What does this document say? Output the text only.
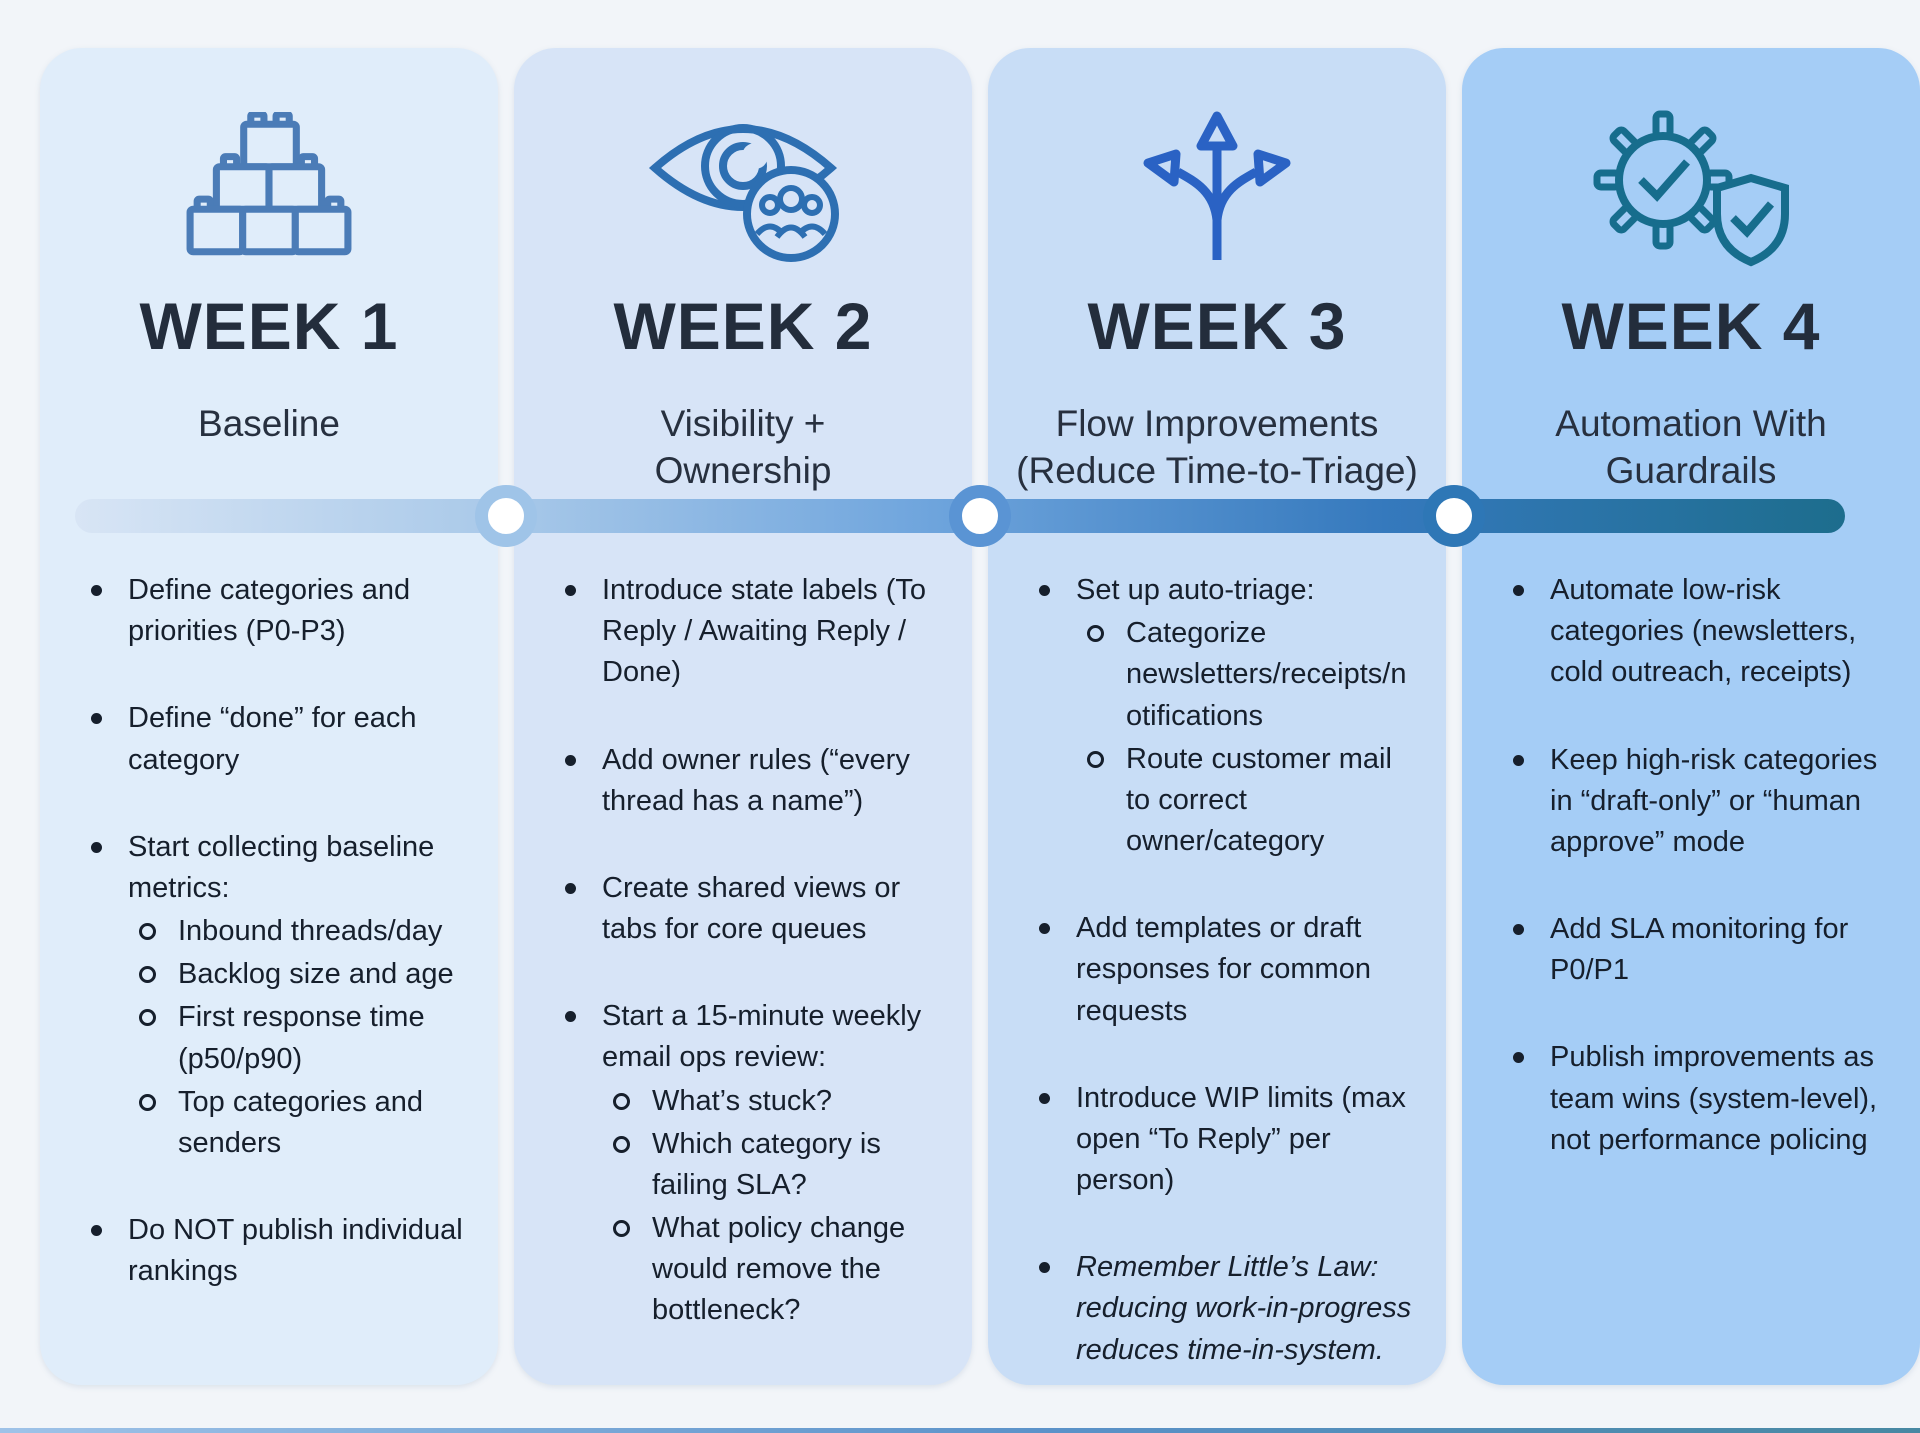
WEEK 1

Baseline

Define categories and priorities (P0-P3)
Define “done” for each category
Start collecting baseline metrics:
Inbound threads/day
Backlog size and age
First response time (p50/p90)
Top categories and senders
Do NOT publish individual rankings
WEEK 2

Visibility +
Ownership

Introduce state labels (To Reply / Awaiting Reply / Done)
Add owner rules (“every thread has a name”)
Create shared views or tabs for core queues
Start a 15-minute weekly email ops review:
What’s stuck?
Which category is failing SLA?
What policy change would remove the bottleneck?
WEEK 3

Flow Improvements
(Reduce Time-to-Triage)

Set up auto-triage:
Categorize newsletters/receipts/notifications
Route customer mail to correct owner/category
Add templates or draft responses for common requests
Introduce WIP limits (max open “To Reply” per person)
Remember Little’s Law: reducing work-in-progress reduces time-in-system.
WEEK 4

Automation With
Guardrails

Automate low-risk categories (newsletters, cold outreach, receipts)
Keep high-risk categories in “draft-only” or “human approve” mode
Add SLA monitoring for P0/P1
Publish improvements as team wins (system-level), not performance policing
